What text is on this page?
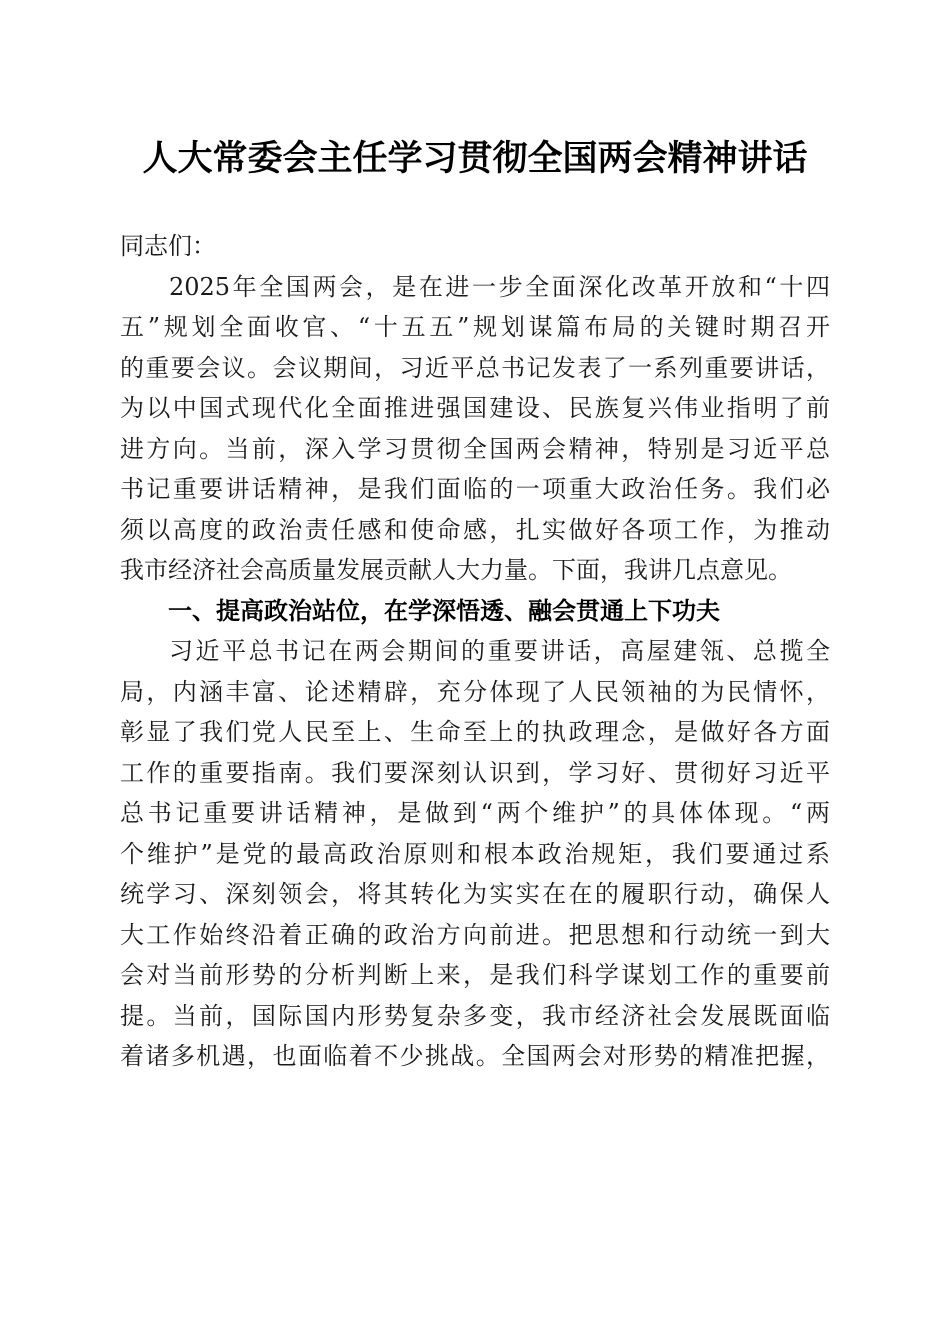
人大常委会主任学习贯彻全国两会精神讲话
同志们：
2025年全国两会，是在进一步全面深化改革开放和“十四
五”规划全面收官、“十五五”规划谋篇布局的关键时期召开
的重要会议。会议期间，习近平总书记发表了一系列重要讲话，
为以中国式现代化全面推进强国建设、民族复兴伟业指明了前
进方向。当前，深入学习贯彻全国两会精神，特别是习近平总
书记重要讲话精神，是我们面临的一项重大政治任务。我们必
须以高度的政治责任感和使命感，扎实做好各项工作，为推动
我市经济社会高质量发展贡献人大力量。下面，我讲几点意见。
一、提高政治站位，在学深悟透、融会贯通上下功夫
习近平总书记在两会期间的重要讲话，高屋建瓴、总揽全
局，内涵丰富、论述精辟，充分体现了人民领袖的为民情怀，
彰显了我们党人民至上、生命至上的执政理念，是做好各方面
工作的重要指南。我们要深刻认识到，学习好、贯彻好习近平
总书记重要讲话精神，是做到“两个维护”的具体体现。“两
个维护”是党的最高政治原则和根本政治规矩，我们要通过系
统学习、深刻领会，将其转化为实实在在的履职行动，确保人
大工作始终沿着正确的政治方向前进。把思想和行动统一到大
会对当前形势的分析判断上来，是我们科学谋划工作的重要前
提。当前，国际国内形势复杂多变，我市经济社会发展既面临
着诸多机遇，也面临着不少挑战。全国两会对形势的精准把握，
